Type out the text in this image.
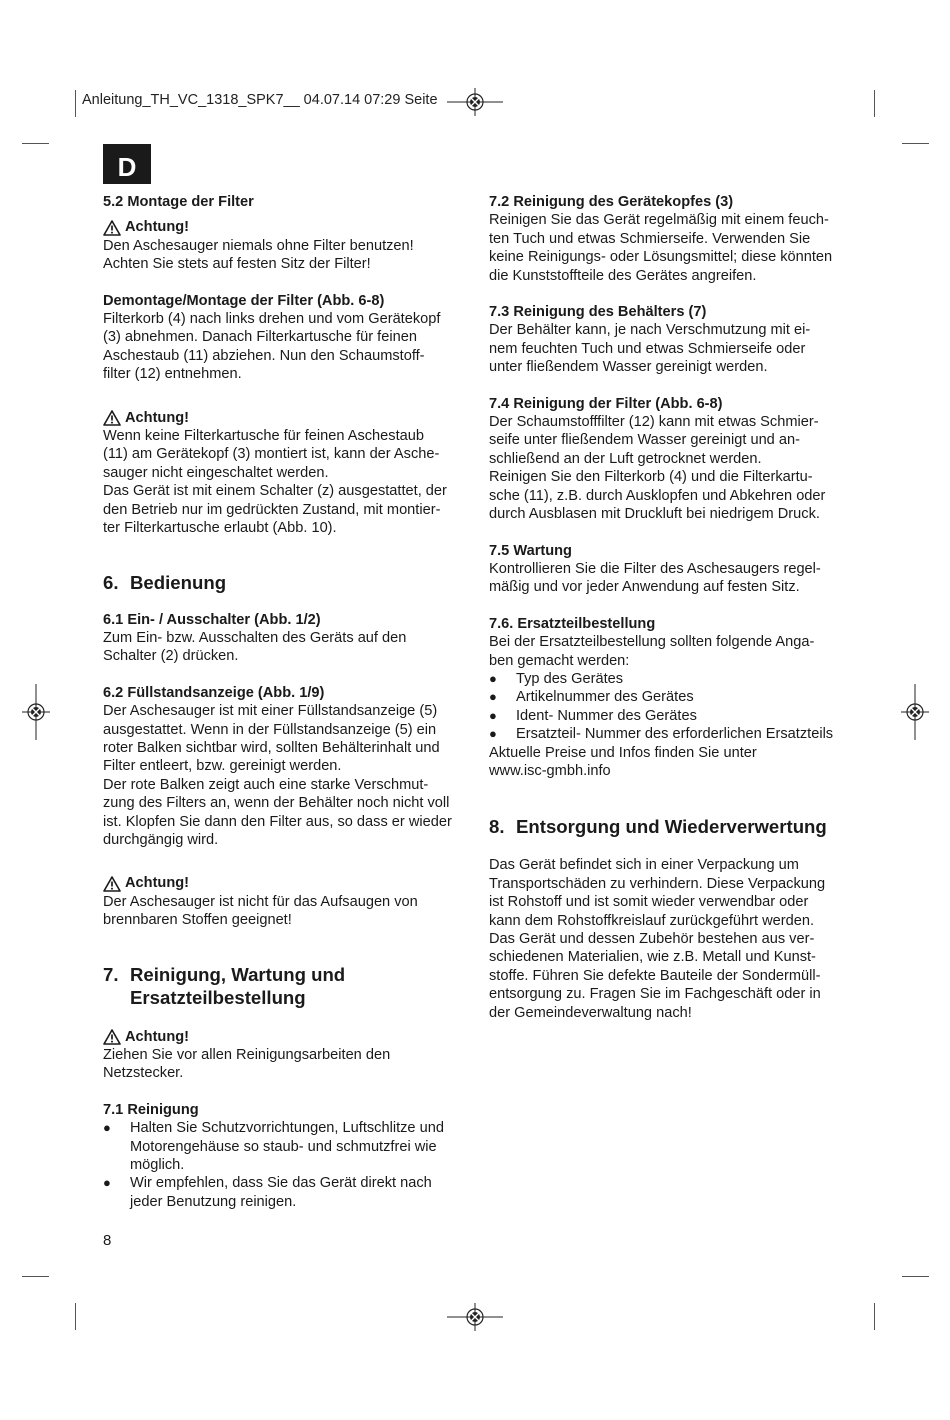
Anleitung_TH_VC_1318_SPK7__ 04.07.14 07:29 Seite
D

5.2 Montage der Filter

Achtung!

Den Aschesauger niemals ohne Filter benutzen!

Achten Sie stets auf festen Sitz der Filter!

Demontage/Montage der Filter (Abb. 6-8)

Filterkorb (4) nach links drehen und vom Gerätekopf

(3) abnehmen. Danach Filterkartusche für feinen

Aschestaub (11) abziehen. Nun den Schaumstoff-

filter (12) entnehmen.

Achtung!

Wenn keine Filterkartusche für feinen Aschestaub

(11) am Gerätekopf (3) montiert ist, kann der Asche-

sauger nicht eingeschaltet werden.

Das Gerät ist mit einem Schalter (z) ausgestattet, der

den Betrieb nur im gedrückten Zustand, mit montier-

ter Filterkartusche erlaubt (Abb. 10).

6. Bedienung

6.1 Ein- / Ausschalter (Abb. 1/2)

Zum Ein- bzw. Ausschalten des Geräts auf den

Schalter (2) drücken.

6.2 Füllstandsanzeige (Abb. 1/9)

Der Aschesauger ist mit einer Füllstandsanzeige (5)

ausgestattet. Wenn in der Füllstandsanzeige (5) ein

roter Balken sichtbar wird, sollten Behälterinhalt und

Filter entleert, bzw. gereinigt werden.

Der rote Balken zeigt auch eine starke Verschmut-

zung des Filters an, wenn der Behälter noch nicht voll

ist. Klopfen Sie dann den Filter aus, so dass er wieder

durchgängig wird.

Achtung!

Der Aschesauger ist nicht für das Aufsaugen von

brennbaren Stoffen geeignet!

7. Reinigung, Wartung und
Ersatzteilbestellung

Achtung!

Ziehen Sie vor allen Reinigungsarbeiten den

Netzstecker.

7.1 Reinigung

● Halten Sie Schutzvorrichtungen, Luftschlitze und
Motorengehäuse so staub- und schmutzfrei wie
möglich.
● Wir empfehlen, dass Sie das Gerät direkt nach
jeder Benutzung reinigen.

7.2 Reinigung des Gerätekopfes (3)

Reinigen Sie das Gerät regelmäßig mit einem feuch-

ten Tuch und etwas Schmierseife. Verwenden Sie

keine Reinigungs- oder Lösungsmittel; diese könnten

die Kunststoffteile des Gerätes angreifen.

7.3 Reinigung des Behälters (7)

Der Behälter kann, je nach Verschmutzung mit ei-

nem feuchten Tuch und etwas Schmierseife oder

unter fließendem Wasser gereinigt werden.

7.4 Reinigung der Filter (Abb. 6-8)

Der Schaumstofffilter (12) kann mit etwas Schmier-

seife unter fließendem Wasser gereinigt und an-

schließend an der Luft getrocknet werden.

Reinigen Sie den Filterkorb (4) und die Filterkartu-

sche (11), z.B. durch Ausklopfen und Abkehren oder

durch Ausblasen mit Druckluft bei niedrigem Druck.

7.5 Wartung

Kontrollieren Sie die Filter des Aschesaugers regel-

mäßig und vor jeder Anwendung auf festen Sitz.

7.6. Ersatzteilbestellung

Bei der Ersatzteilbestellung sollten folgende Anga-

ben gemacht werden:

● Typ des Gerätes
● Artikelnummer des Gerätes
● Ident- Nummer des Gerätes
● Ersatzteil- Nummer des erforderlichen Ersatzteils

Aktuelle Preise und Infos finden Sie unter

www.isc-gmbh.info

8. Entsorgung und Wiederverwertung

Das Gerät befindet sich in einer Verpackung um

Transportschäden zu verhindern. Diese Verpackung

ist Rohstoff und ist somit wieder verwendbar oder

kann dem Rohstoffkreislauf zurückgeführt werden.

Das Gerät und dessen Zubehör bestehen aus ver-

schiedenen Materialien, wie z.B. Metall und Kunst-

stoffe. Führen Sie defekte Bauteile der Sondermüll-

entsorgung zu. Fragen Sie im Fachgeschäft oder in

der Gemeindeverwaltung nach!

8
